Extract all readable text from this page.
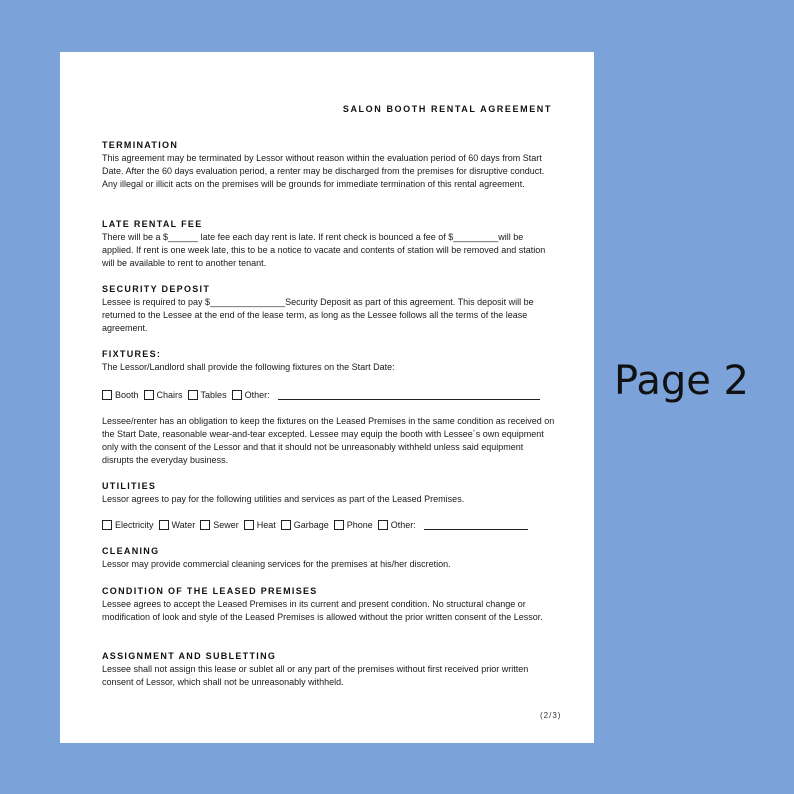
SALON BOOTH RENTAL AGREEMENT

TERMINATION

This agreement may be terminated by Lessor without reason within the evaluation period of 60 days from Start Date. After the 60 days evaluation period, a renter may be discharged from the premises for disruptive conduct. Any illegal or illicit acts on the premises will be grounds for immediate termination of this rental agreement.

LATE RENTAL FEE

There will be a $______ late fee each day rent is late. If rent check is bounced a fee of $_________will be applied. If rent is one week late, this to be a notice to vacate and contents of station will be removed and station will be available to rent to another tenant.

SECURITY DEPOSIT

Lessee is required to pay $_______________Security Deposit as part of this agreement. This deposit will be returned to the Lessee at the end of the lease term, as long as the Lessee follows all the terms of the lease agreement.

FIXTURES:

The Lessor/Landlord shall provide the following fixtures on the Start Date:

Booth Chairs Tables Other:

Lessee/renter has an obligation to keep the fixtures on the Leased Premises in the same condition as received on the Start Date, reasonable wear-and-tear excepted. Lessee may equip the booth with Lessee´s own equipment only with the consent of the Lessor and that it should not be unreasonably withheld unless said equipment disrupts the everyday business.

UTILITIES

Lessor agrees to pay for the following utilities and services as part of the Leased Premises.

Electricity Water Sewer Heat Garbage Phone Other:

CLEANING

Lessor may provide commercial cleaning services for the premises at his/her discretion.

CONDITION OF THE LEASED PREMISES

Lessee agrees to accept the Leased Premises in its current and present condition. No structural change or modification of look and style of the Leased Premises is allowed without the prior written consent of the Lessor.

ASSIGNMENT AND SUBLETTING

Lessee shall not assign this lease or sublet all or any part of the premises without first received prior written consent of Lessor, which shall not be unreasonably withheld.

(2/3)
Page 2
